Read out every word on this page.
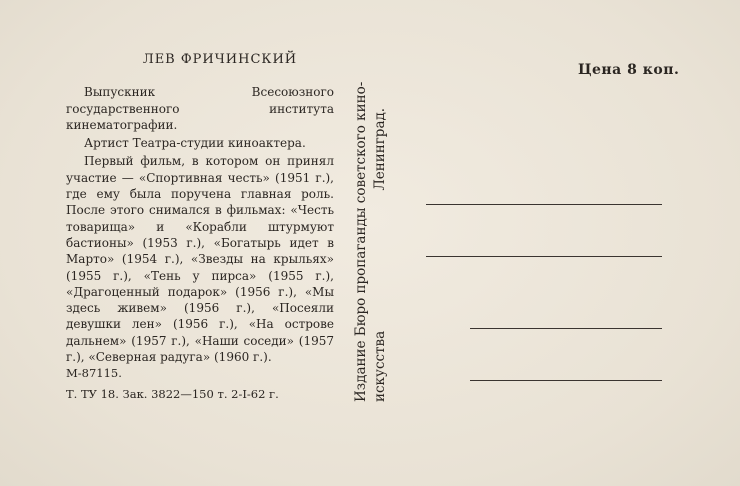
ЛЕВ ФРИЧИНСКИЙ

Выпускник Всесоюзного государственного института кинематографии.

Артист Театра-студии киноактера.

Первый фильм, в котором он принял участие — «Спортивная честь» (1951 г.), где ему была поручена главная роль. После этого снимался в фильмах: «Честь товарища» и «Корабли штурмуют бастионы» (1953 г.), «Богатырь идет в Марто» (1954 г.), «Звезды на крыльях» (1955 г.), «Тень у пирса» (1955 г.), «Драгоценный подарок» (1956 г.), «Мы здесь живем» (1956 г.), «Посеяли девушки лен» (1956 г.), «На острове дальнем» (1957 г.), «Наши соседи» (1957 г.), «Северная радуга» (1960 г.).

М-87115.

Т. ТУ 18. Зак. 3822—150 т. 2-І-62 г.	Издание Бюро пропаганды советского кино- искусства Ленинград.
Цена 8 коп.
